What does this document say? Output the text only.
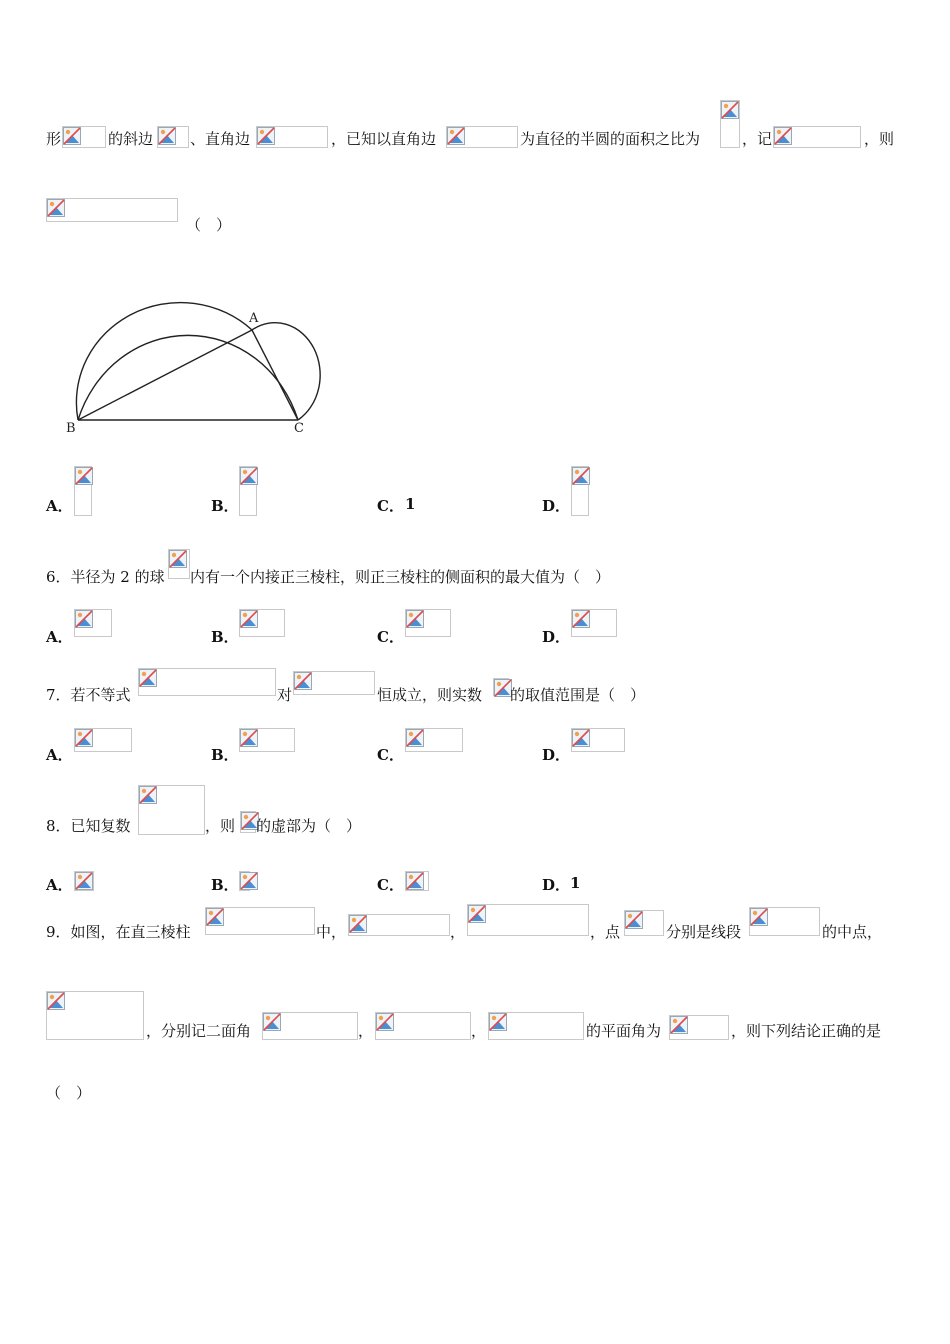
形	的斜边 、直角边	，已知以直角边	为直径的半圆的面积之比为	，记	，则
（　）
A
B	C
A．	B．	C． 1	D．
6．半径为 2 的球 内有一个内接正三棱柱，则正三棱柱的侧面积的最大值为（　）
A．	B．	C．	D．
7．若不等式	对	恒成立，则实数 的取值范围是（　）
A．	B．	C．	D．
8．已知复数	，则 的虚部为（　）
A．	B．	C．	D． 1
9．如图，在直三棱柱	中，	，	，点	分别是线段	的中点，
，分别记二面角	，	，	的平面角为	，则下列结论正确的是
（　）
